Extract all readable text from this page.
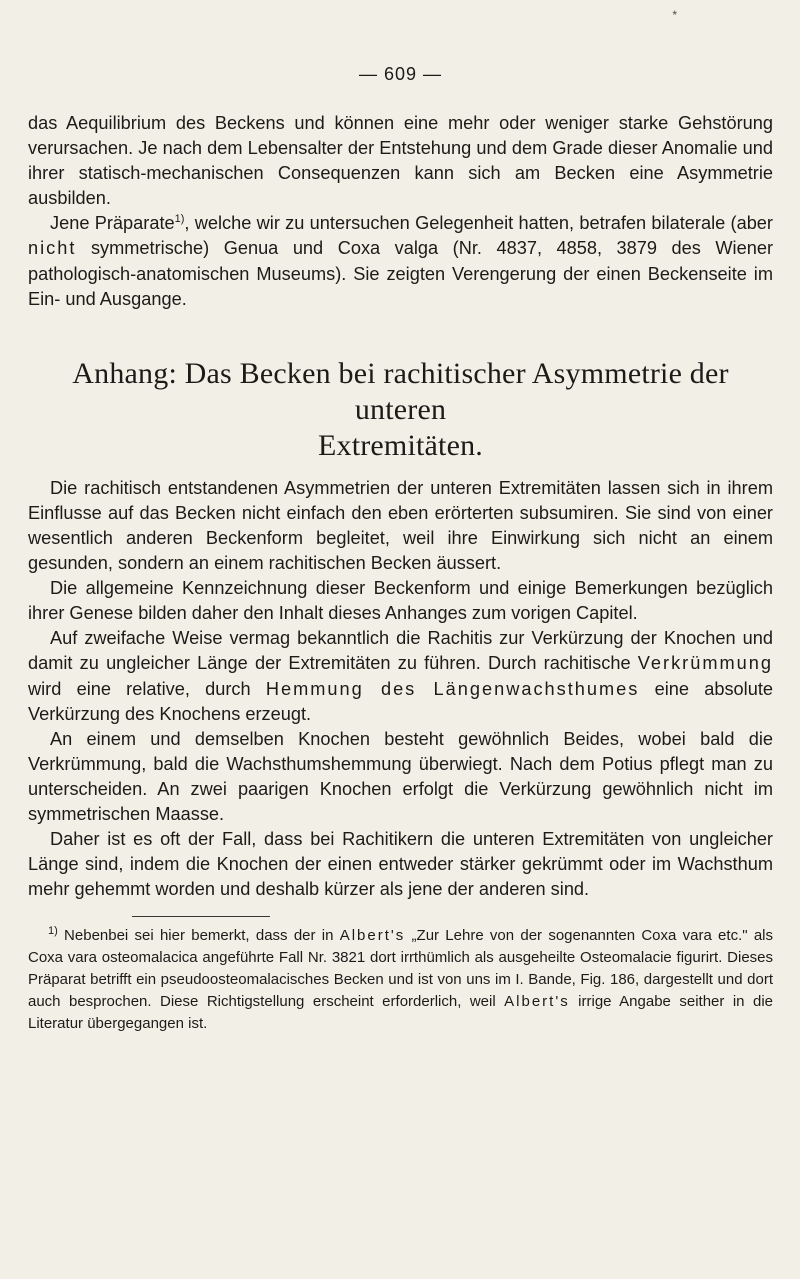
*
— 609 —

das Aequilibrium des Beckens und können eine mehr oder weniger starke Gehstörung verursachen. Je nach dem Lebensalter der Entstehung und dem Grade dieser Anomalie und ihrer statisch-mechanischen Consequenzen kann sich am Becken eine Asymmetrie ausbilden.

Jene Präparate$^{1)}$, welche wir zu untersuchen Gelegenheit hatten, betrafen bilaterale (aber nicht symmetrische) Genua und Coxa valga (Nr. 4837, 4858, 3879 des Wiener pathologisch-anatomischen Museums). Sie zeigten Verengerung der einen Beckenseite im Ein- und Ausgange.

Anhang: Das Becken bei rachitischer Asymmetrie der unteren
Extremitäten.

Die rachitisch entstandenen Asymmetrien der unteren Extremitäten lassen sich in ihrem Einflusse auf das Becken nicht einfach den eben erörterten subsumiren. Sie sind von einer wesentlich anderen Beckenform begleitet, weil ihre Einwirkung sich nicht an einem gesunden, sondern an einem rachitischen Becken äussert.

Die allgemeine Kennzeichnung dieser Beckenform und einige Bemerkungen bezüglich ihrer Genese bilden daher den Inhalt dieses Anhanges zum vorigen Capitel.

Auf zweifache Weise vermag bekanntlich die Rachitis zur Verkürzung der Knochen und damit zu ungleicher Länge der Extremitäten zu führen. Durch rachitische Verkrümmung wird eine relative, durch Hemmung des Längenwachsthumes eine absolute Verkürzung des Knochens erzeugt.

An einem und demselben Knochen besteht gewöhnlich Beides, wobei bald die Verkrümmung, bald die Wachsthumshemmung überwiegt. Nach dem Potius pflegt man zu unterscheiden. An zwei paarigen Knochen erfolgt die Verkürzung gewöhnlich nicht im symmetrischen Maasse.

Daher ist es oft der Fall, dass bei Rachitikern die unteren Extremitäten von ungleicher Länge sind, indem die Knochen der einen entweder stärker gekrümmt oder im Wachsthum mehr gehemmt worden und deshalb kürzer als jene der anderen sind.

$^{1)}$ Nebenbei sei hier bemerkt, dass der in Albert's „Zur Lehre von der sogenannten Coxa vara etc." als Coxa vara osteomalacica angeführte Fall Nr. 3821 dort irrthümlich als ausgeheilte Osteomalacie figurirt. Dieses Präparat betrifft ein pseudoosteomalacisches Becken und ist von uns im I. Bande, Fig. 186, dargestellt und dort auch besprochen. Diese Richtigstellung erscheint erforderlich, weil Albert's irrige Angabe seither in die Literatur übergegangen ist.
